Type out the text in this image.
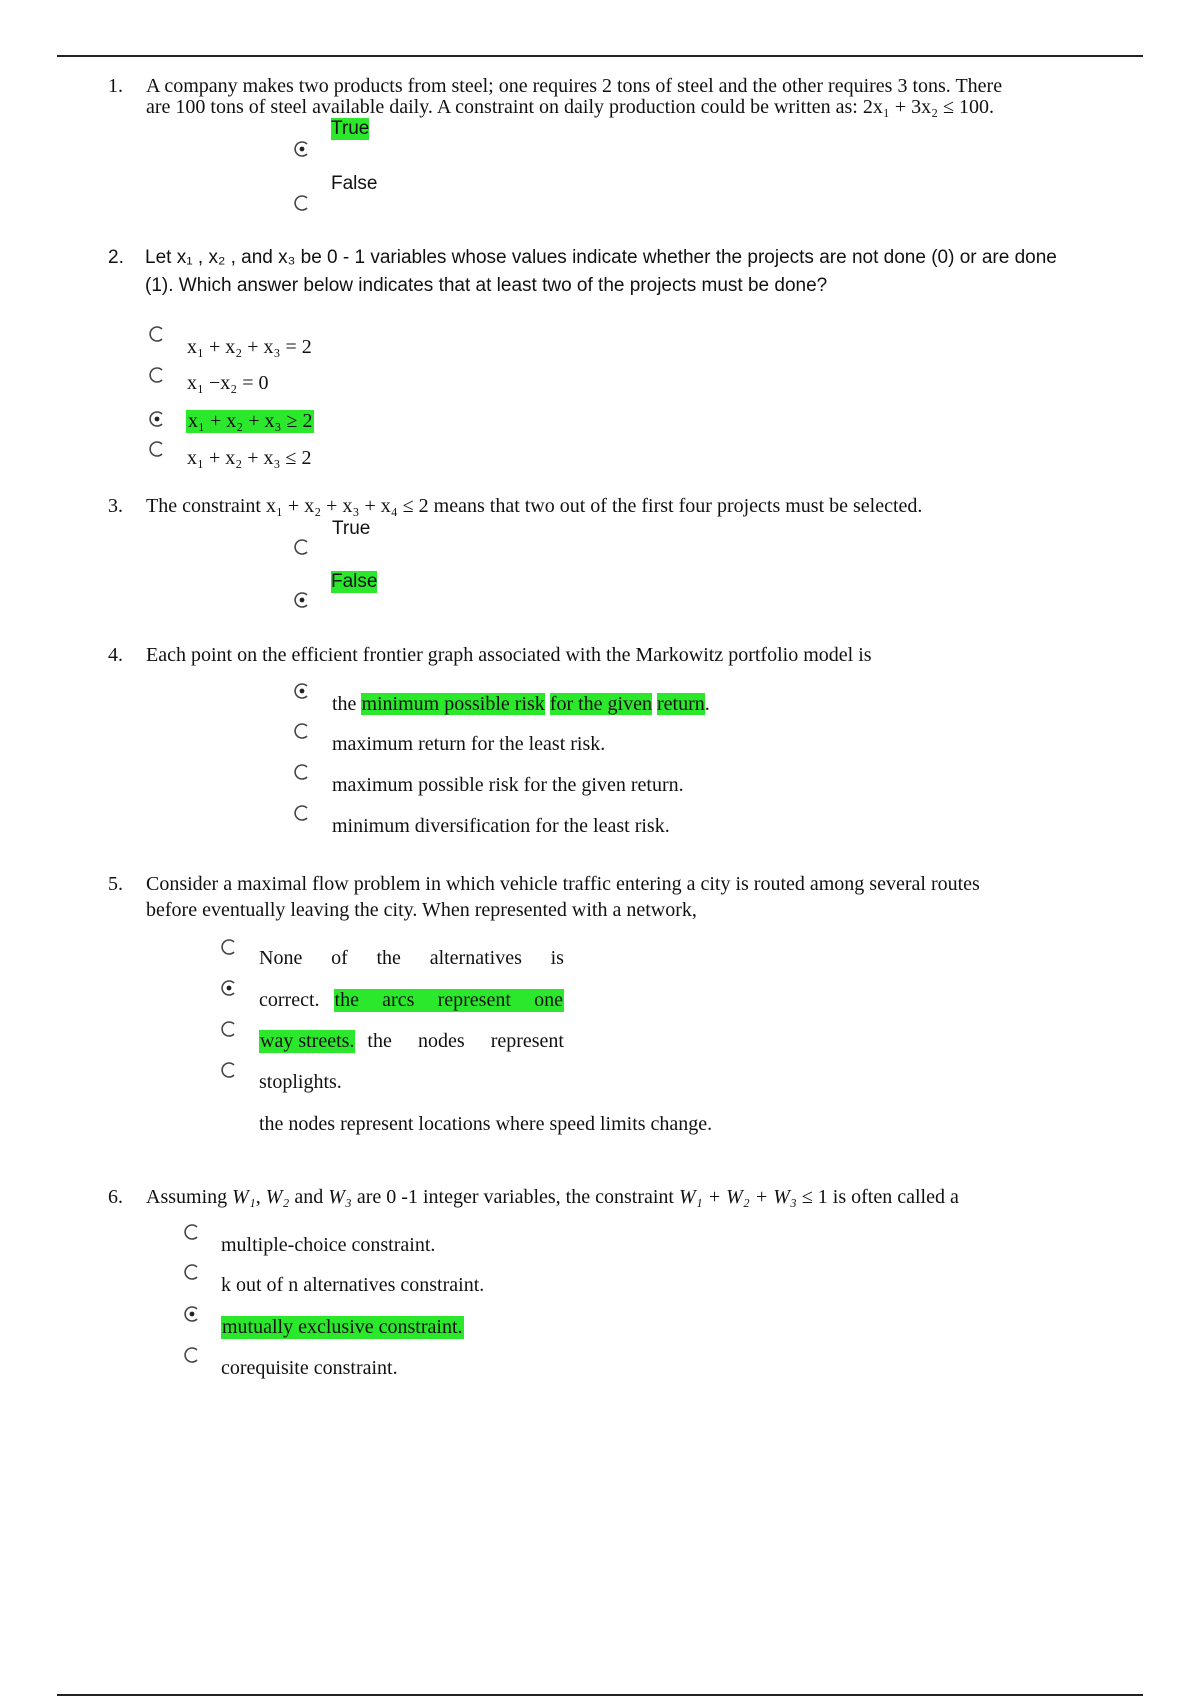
1. A company makes two products from steel; one requires 2 tons of steel and the other requires 3 tons. There
are 100 tons of steel available daily. A constraint on daily production could be written as: 2x₁ + 3x₂ ≤ 100.
True
False
2. Let x₁ , x₂ , and x₃ be 0 - 1 variables whose values indicate whether the projects are not done (0) or are done
(1). Which answer below indicates that at least two of the projects must be done?
x₁ + x₂ + x₃ = 2
x₁ −x₂ = 0
x₁ + x₂ + x₃ ≥ 2
x₁ + x₂ + x₃ ≤ 2
3. The constraint x₁ + x₂ + x₃ + x₄ ≤ 2 means that two out of the first four projects must be selected.
True
False
4. Each point on the efficient frontier graph associated with the Markowitz portfolio model is
the minimum possible risk for the given return.
maximum return for the least risk.
maximum possible risk for the given return.
minimum diversification for the least risk.
5. Consider a maximal flow problem in which vehicle traffic entering a city is routed among several routes
before eventually leaving the city. When represented with a network,
None of the alternatives is
correct. the arcs represent one
way streets. the nodes represent
stoplights.
the nodes represent locations where speed limits change.
6. Assuming W₁, W₂ and W₃ are 0 -1 integer variables, the constraint W₁ + W₂ + W₃ ≤ 1 is often called a
multiple-choice constraint.
k out of n alternatives constraint.
mutually exclusive constraint.
corequisite constraint.
